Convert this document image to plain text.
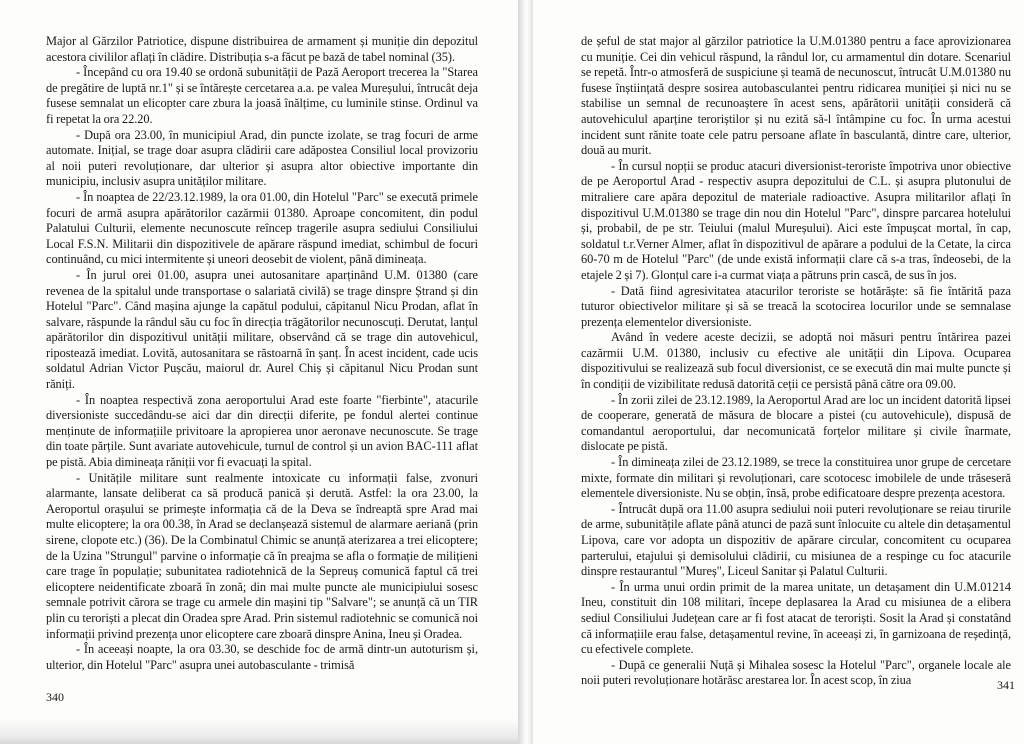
Major al Gărzilor Patriotice, dispune distribuirea de armament și muniție din depozitul acestora civililor aflați în clădire. Distribuția s-a făcut pe bază de tabel nominal (35).

- Începând cu ora 19.40 se ordonă subunității de Pază Aeroport trecerea la "Starea de pregătire de luptă nr.1" și se întărește cercetarea a.a. pe valea Mureșului, întrucât deja fusese semnalat un elicopter care zbura la joasă înălțime, cu luminile stinse. Ordinul va fi repetat la ora 22.20.

- După ora 23.00, în municipiul Arad, din puncte izolate, se trag focuri de arme automate. Inițial, se trage doar asupra clădirii care adăpostea Consiliul local provizoriu al noii puteri revoluționare, dar ulterior și asupra altor obiective importante din municipiu, inclusiv asupra unităților militare.

- În noaptea de 22/23.12.1989, la ora 01.00, din Hotelul "Parc" se execută primele focuri de armă asupra apărătorilor cazărmii 01380. Aproape concomitent, din podul Palatului Culturii, elemente necunoscute reîncep tragerile asupra sediului Consiliului Local F.S.N. Militarii din dispozitivele de apărare răspund imediat, schimbul de focuri continuând, cu mici intermitente și uneori deosebit de violent, până dimineața.

- În jurul orei 01.00, asupra unei autosanitare aparținând U.M. 01380 (care revenea de la spitalul unde transportase o salariată civilă) se trage dinspre Ștrand și din Hotelul "Parc". Când mașina ajunge la capătul podului, căpitanul Nicu Prodan, aflat în salvare, răspunde la rândul său cu foc în direcția trăgătorilor necunoscuți. Derutat, lanțul apărătorilor din dispozitivul unității militare, observând că se trage din autovehicul, ripostează imediat. Lovită, autosanitara se răstoarnă în șanț. În acest incident, cade ucis soldatul Adrian Victor Pușcău, maiorul dr. Aurel Chiș și căpitanul Nicu Prodan sunt răniți.

- În noaptea respectivă zona aeroportului Arad este foarte "fierbinte", atacurile diversioniste succedându-se aici dar din direcții diferite, pe fondul alertei continue menținute de informațiile privitoare la apropierea unor aeronave necunoscute. Se trage din toate părțile. Sunt avariate autovehicule, turnul de control și un avion BAC-111 aflat pe pistă. Abia dimineața răniții vor fi evacuați la spital.

- Unitățile militare sunt realmente intoxicate cu informații false, zvonuri alarmante, lansate deliberat ca să producă panică și derută. Astfel: la ora 23.00, la Aeroportul orașului se primește informația că de la Deva se îndreaptă spre Arad mai multe elicoptere; la ora 00.38, în Arad se declanșează sistemul de alarmare aeriană (prin sirene, clopote etc.) (36). De la Combinatul Chimic se anunță aterizarea a trei elicoptere; de la Uzina "Strungul" parvine o informație că în preajma se afla o formație de milițieni care trage în populație; subunitatea radiotehnică de la Sepreuș comunică faptul că trei elicoptere neidentificate zboară în zonă; din mai multe puncte ale municipiului sosesc semnale potrivit cărora se trage cu armele din mașini tip "Salvare"; se anunță că un TIR plin cu teroriști a plecat din Oradea spre Arad. Prin sistemul radiotehnic se comunică noi informații privind prezența unor elicoptere care zboară dinspre Anina, Ineu și Oradea.

- În aceeași noapte, la ora 03.30, se deschide foc de armă dintr-un autoturism și, ulterior, din Hotelul "Parc" asupra unei autobasculante - trimisă

340

de șeful de stat major al gărzilor patriotice la U.M.01380 pentru a face aprovizionarea cu muniție. Cei din vehicul răspund, la rândul lor, cu armamentul din dotare. Scenariul se repetă. Într-o atmosferă de suspiciune și teamă de necunoscut, întrucât U.M.01380 nu fusese înștiințată despre sosirea autobasculantei pentru ridicarea muniției și nici nu se stabilise un semnal de recunoaștere în acest sens, apărătorii unității consideră că autovehiculul aparține teroriștilor și nu ezită să-l întâmpine cu foc. În urma acestui incident sunt rănite toate cele patru persoane aflate în basculantă, dintre care, ulterior, două au murit.

- În cursul nopții se produc atacuri diversionist-teroriste împotriva unor obiective de pe Aeroportul Arad - respectiv asupra depozitului de C.L. și asupra plutonului de mitraliere care apăra depozitul de materiale radioactive. Asupra militarilor aflați în dispozitivul U.M.01380 se trage din nou din Hotelul "Parc", dinspre parcarea hotelului și, probabil, de pe str. Teiului (malul Mureșului). Aici este împușcat mortal, în cap, soldatul t.r.Verner Almer, aflat în dispozitivul de apărare a podului de la Cetate, la circa 60-70 m de Hotelul "Parc" (de unde există informații clare că s-a tras, îndeosebi, de la etajele 2 și 7). Glonțul care i-a curmat viața a pătruns prin cască, de sus în jos.

- Dată fiind agresivitatea atacurilor teroriste se hotărăște: să fie întărită paza tuturor obiectivelor militare și să se treacă la scotocirea locurilor unde se semnalase prezența elementelor diversioniste.

Având în vedere aceste decizii, se adoptă noi măsuri pentru întărirea pazei cazărmii U.M. 01380, inclusiv cu efective ale unității din Lipova. Ocuparea dispozitivului se realizează sub focul diversionist, ce se execută din mai multe puncte și în condiții de vizibilitate redusă datorită ceții ce persistă până către ora 09.00.

- În zorii zilei de 23.12.1989, la Aeroportul Arad are loc un incident datorită lipsei de cooperare, generată de măsura de blocare a pistei (cu autovehicule), dispusă de comandantul aeroportului, dar necomunicată forțelor militare și civile înarmate, dislocate pe pistă.

- În dimineața zilei de 23.12.1989, se trece la constituirea unor grupe de cercetare mixte, formate din militari și revoluționari, care scotocesc imobilele de unde trăseseră elementele diversioniste. Nu se obțin, însă, probe edificatoare despre prezența acestora.

- Întrucât după ora 11.00 asupra sediului noii puteri revoluționare se reiau tirurile de arme, subunitățile aflate până atunci de pază sunt înlocuite cu altele din detașamentul Lipova, care vor adopta un dispozitiv de apărare circular, concomitent cu ocuparea parterului, etajului și demisolului clădirii, cu misiunea de a respinge cu foc atacurile dinspre restaurantul "Mureș", Liceul Sanitar și Palatul Culturii.

- În urma unui ordin primit de la marea unitate, un detașament din U.M.01214 Ineu, constituit din 108 militari, începe deplasarea la Arad cu misiunea de a elibera sediul Consiliului Județean care ar fi fost atacat de teroriști. Sosit la Arad și constatând că informațiile erau false, detașamentul revine, în aceeași zi, în garnizoana de reședință, cu efectivele complete.

- După ce generalii Nuță și Mihalea sosesc la Hotelul "Parc", organele locale ale noii puteri revoluționare hotărăsc arestarea lor. În acest scop, în ziua	341
